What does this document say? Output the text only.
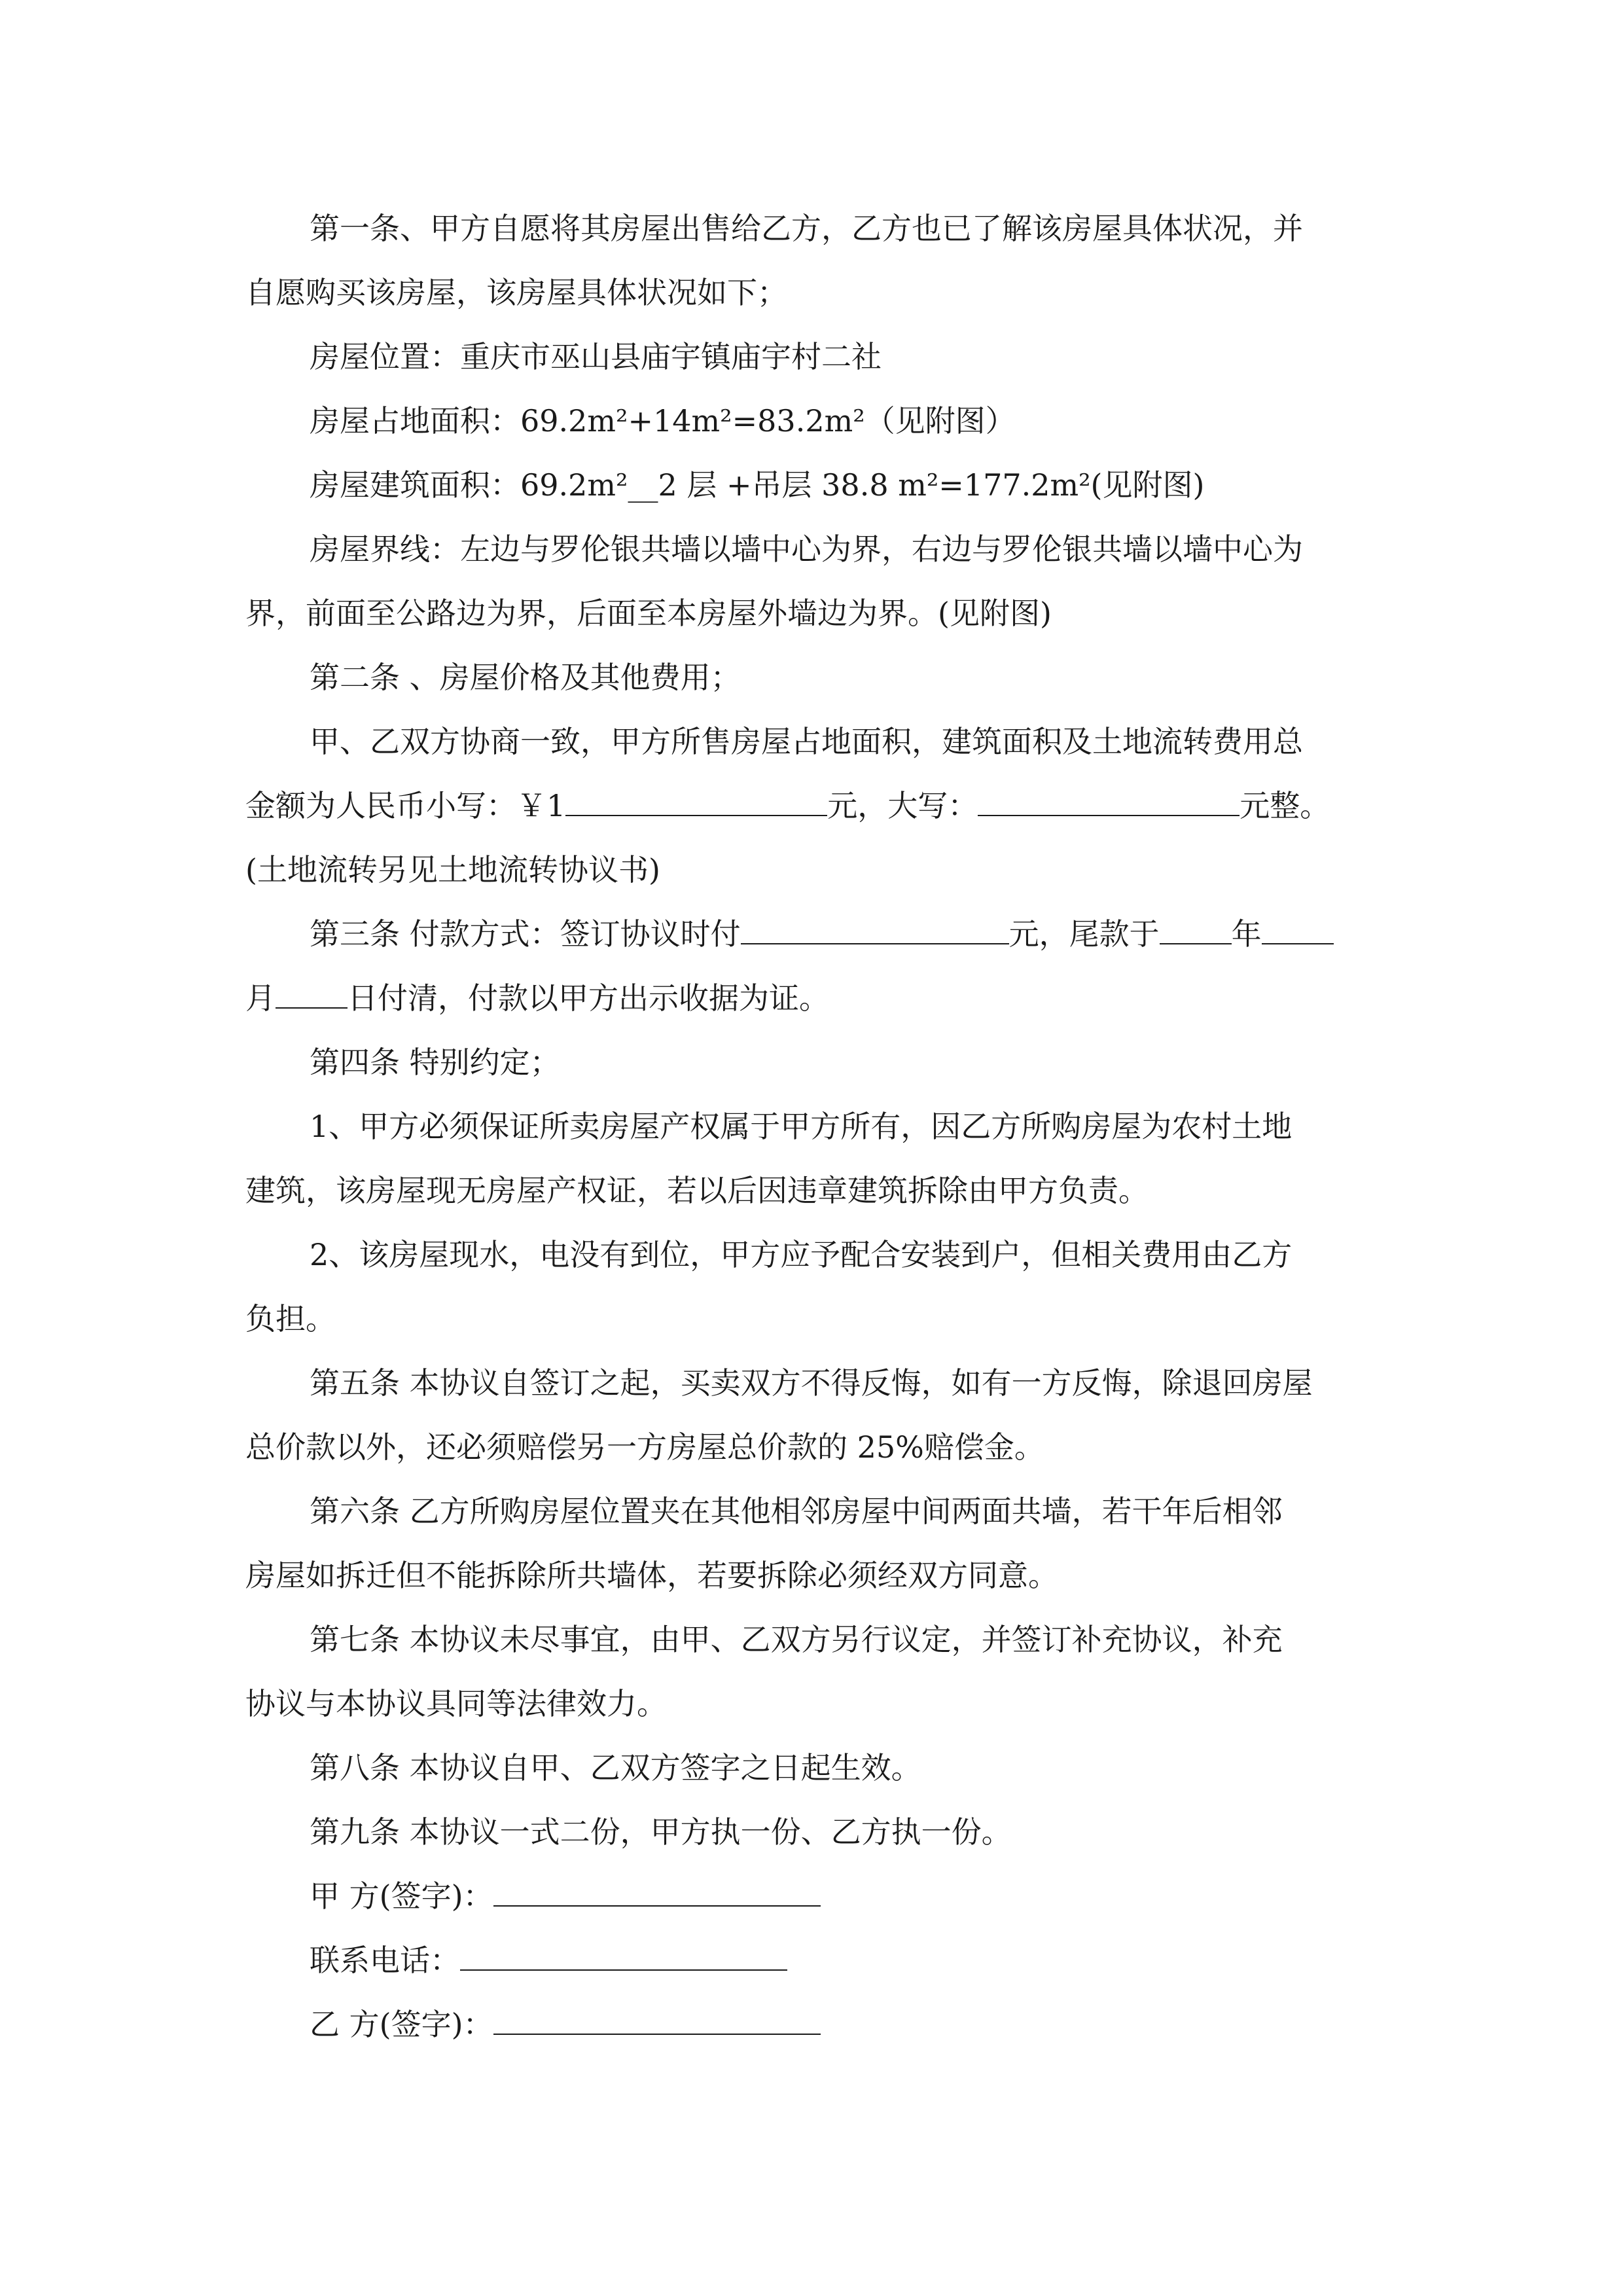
第一条、甲方自愿将其房屋出售给乙方，乙方也已了解该房屋具体状况，并
自愿购买该房屋，该房屋具体状况如下；
房屋位置：重庆市巫山县庙宇镇庙宇村二社
房屋占地面积：69.2m²+14m²=83.2m²（见附图）
房屋建筑面积：69.2m²__2 层 +吊层 38.8 m²=177.2m²(见附图)
房屋界线：左边与罗伦银共墙以墙中心为界，右边与罗伦银共墙以墙中心为
界，前面至公路边为界，后面至本房屋外墙边为界。(见附图)
第二条 、房屋价格及其他费用；
甲、乙双方协商一致，甲方所售房屋占地面积，建筑面积及土地流转费用总
金额为人民币小写：￥1	元，大写：	元整。
(土地流转另见土地流转协议书)
第三条 付款方式：签订协议时付	元，尾款于 年
月 日付清，付款以甲方出示收据为证。
第四条 特别约定；
1、甲方必须保证所卖房屋产权属于甲方所有，因乙方所购房屋为农村土地
建筑，该房屋现无房屋产权证，若以后因违章建筑拆除由甲方负责。
2、该房屋现水，电没有到位，甲方应予配合安装到户，但相关费用由乙方
负担。
第五条 本协议自签订之起，买卖双方不得反悔，如有一方反悔，除退回房屋
总价款以外，还必须赔偿另一方房屋总价款的 25%赔偿金。
第六条 乙方所购房屋位置夹在其他相邻房屋中间两面共墙，若干年后相邻
房屋如拆迁但不能拆除所共墙体，若要拆除必须经双方同意。
第七条 本协议未尽事宜，由甲、乙双方另行议定，并签订补充协议，补充
协议与本协议具同等法律效力。
第八条 本协议自甲、乙双方签字之日起生效。
第九条 本协议一式二份，甲方执一份、乙方执一份。
甲 方(签字)：
联系电话：
乙 方(签字)：
